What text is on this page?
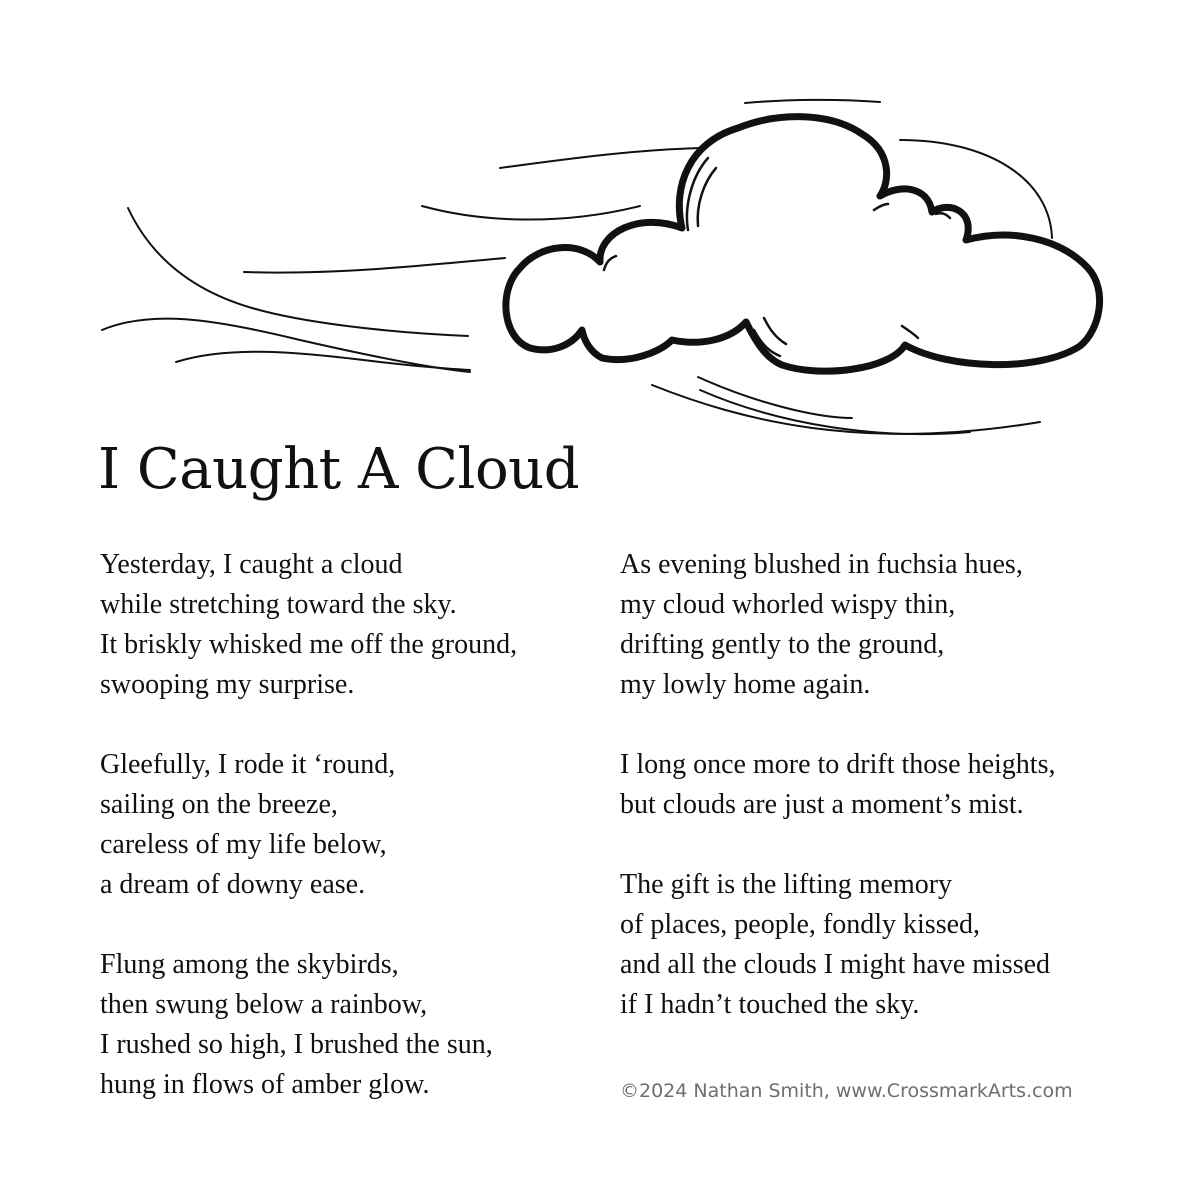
I Caught A Cloud

Yesterday, I caught a cloud
while stretching toward the sky.
It briskly whisked me off the ground,
swooping my surprise.

Gleefully, I rode it ‘round,
sailing on the breeze,
careless of my life below,
a dream of downy ease.

Flung among the skybirds,
then swung below a rainbow,
I rushed so high, I brushed the sun,
hung in flows of amber glow.

As evening blushed in fuchsia hues,
my cloud whorled wispy thin,
drifting gently to the ground,
my lowly home again.

I long once more to drift those heights,
but clouds are just a moment’s mist.

The gift is the lifting memory
of places, people, fondly kissed,
and all the clouds I might have missed
if I hadn’t touched the sky.

©2024 Nathan Smith, www.CrossmarkArts.com
